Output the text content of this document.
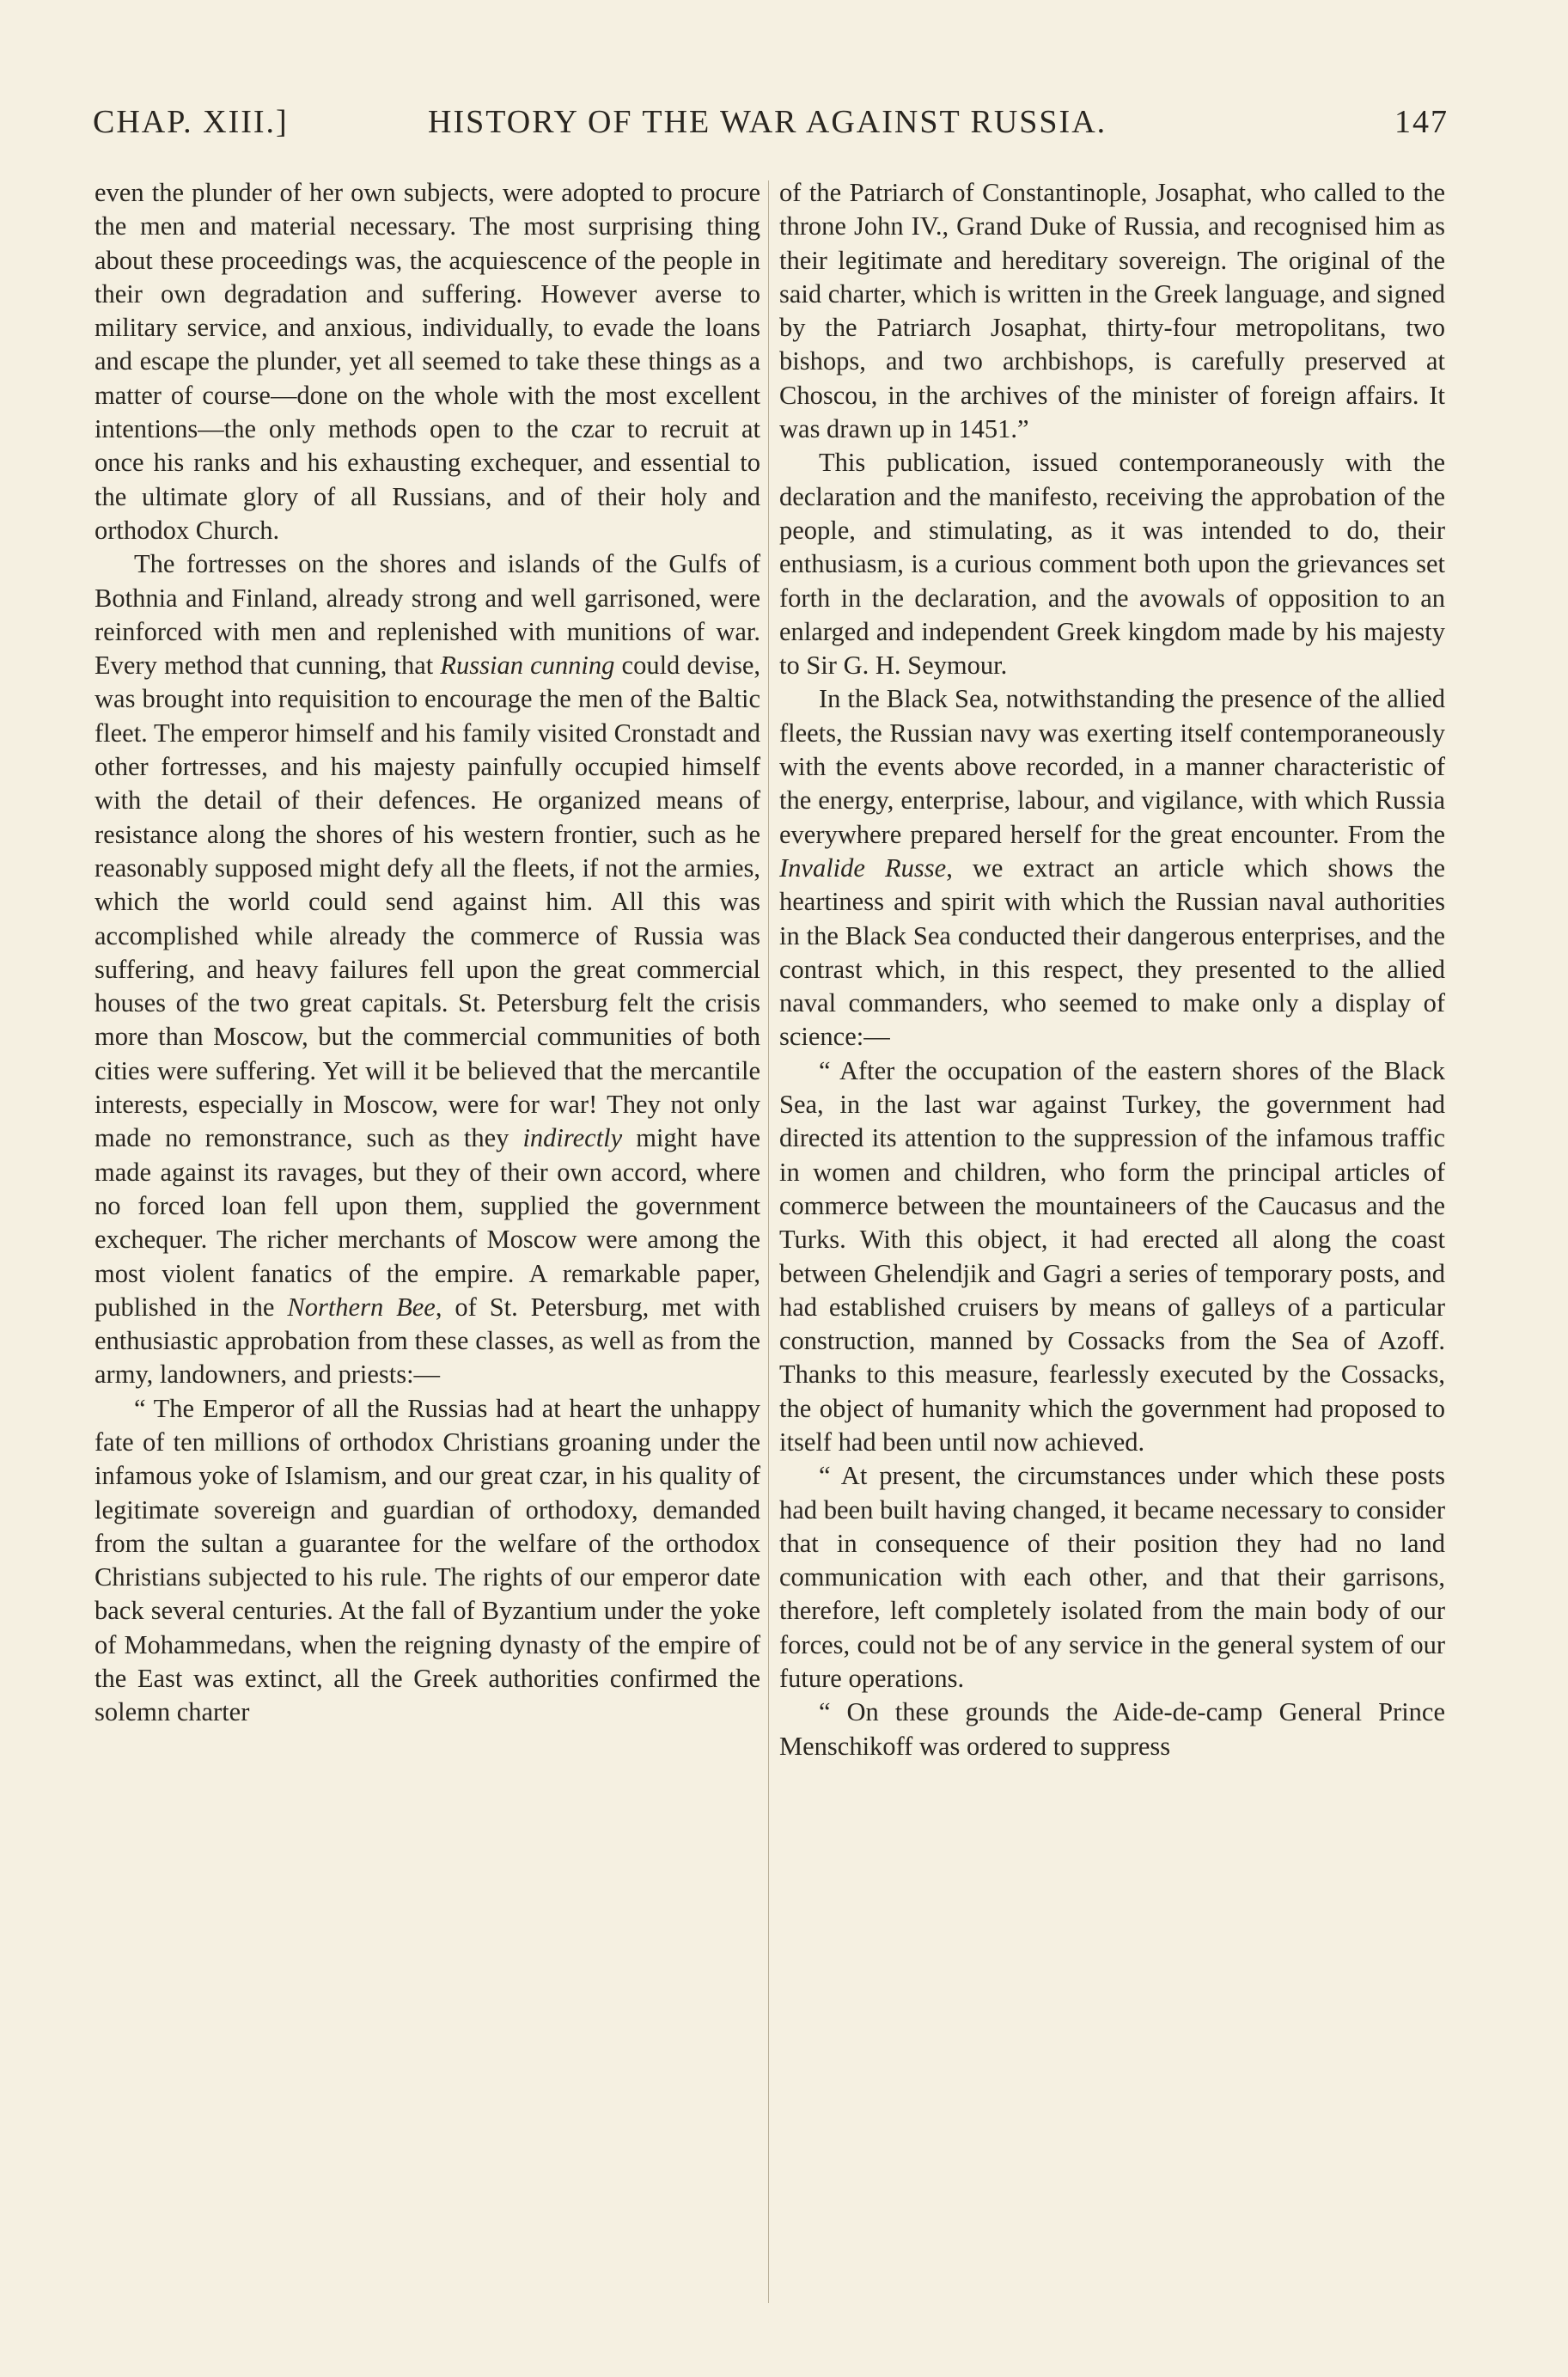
CHAP. XIII.]	HISTORY OF THE WAR AGAINST RUSSIA.	147

even the plunder of her own subjects, were adopted to procure the men and material necessary. The most surprising thing about these proceedings was, the acquiescence of the people in their own degradation and suffering. However averse to military service, and anxious, individually, to evade the loans and escape the plunder, yet all seemed to take these things as a matter of course—done on the whole with the most excellent intentions—the only methods open to the czar to recruit at once his ranks and his exhausting exchequer, and essential to the ultimate glory of all Russians, and of their holy and orthodox Church.

The fortresses on the shores and islands of the Gulfs of Bothnia and Finland, already strong and well garrisoned, were reinforced with men and replenished with munitions of war. Every method that cunning, that Russian cunning could devise, was brought into requisition to encourage the men of the Baltic fleet. The emperor himself and his family visited Cronstadt and other fortresses, and his majesty painfully occupied himself with the detail of their defences. He organized means of resistance along the shores of his western frontier, such as he reasonably supposed might defy all the fleets, if not the armies, which the world could send against him. All this was accomplished while already the commerce of Russia was suffering, and heavy failures fell upon the great commercial houses of the two great capitals. St. Petersburg felt the crisis more than Moscow, but the commercial communities of both cities were suffering. Yet will it be believed that the mercantile interests, especially in Moscow, were for war! They not only made no remonstrance, such as they indirectly might have made against its ravages, but they of their own accord, where no forced loan fell upon them, supplied the government exchequer. The richer merchants of Moscow were among the most violent fanatics of the empire. A remarkable paper, published in the Northern Bee, of St. Petersburg, met with enthusiastic approbation from these classes, as well as from the army, landowners, and priests:—

“ The Emperor of all the Russias had at heart the unhappy fate of ten millions of orthodox Christians groaning under the infamous yoke of Islamism, and our great czar, in his quality of legitimate sovereign and guardian of orthodoxy, demanded from the sultan a guarantee for the welfare of the orthodox Christians subjected to his rule. The rights of our emperor date back several centuries. At the fall of Byzantium under the yoke of Mohammedans, when the reigning dynasty of the empire of the East was extinct, all the Greek authorities confirmed the solemn charter

of the Patriarch of Constantinople, Josaphat, who called to the throne John IV., Grand Duke of Russia, and recognised him as their legitimate and hereditary sovereign. The original of the said charter, which is written in the Greek language, and signed by the Patriarch Josaphat, thirty-four metropolitans, two bishops, and two archbishops, is carefully preserved at Choscou, in the archives of the minister of foreign affairs. It was drawn up in 1451.”

This publication, issued contemporaneously with the declaration and the manifesto, receiving the approbation of the people, and stimulating, as it was intended to do, their enthusiasm, is a curious comment both upon the grievances set forth in the declaration, and the avowals of opposition to an enlarged and independent Greek kingdom made by his majesty to Sir G. H. Seymour.

In the Black Sea, notwithstanding the presence of the allied fleets, the Russian navy was exerting itself contemporaneously with the events above recorded, in a manner characteristic of the energy, enterprise, labour, and vigilance, with which Russia everywhere prepared herself for the great encounter. From the Invalide Russe, we extract an article which shows the heartiness and spirit with which the Russian naval authorities in the Black Sea conducted their dangerous enterprises, and the contrast which, in this respect, they presented to the allied naval commanders, who seemed to make only a display of science:—

“ After the occupation of the eastern shores of the Black Sea, in the last war against Turkey, the government had directed its attention to the suppression of the infamous traffic in women and children, who form the principal articles of commerce between the mountaineers of the Caucasus and the Turks. With this object, it had erected all along the coast between Ghelendjik and Gagri a series of temporary posts, and had established cruisers by means of galleys of a particular construction, manned by Cossacks from the Sea of Azoff. Thanks to this measure, fearlessly executed by the Cossacks, the object of humanity which the government had proposed to itself had been until now achieved.

“ At present, the circumstances under which these posts had been built having changed, it became necessary to consider that in consequence of their position they had no land communication with each other, and that their garrisons, therefore, left completely isolated from the main body of our forces, could not be of any service in the general system of our future operations.

“ On these grounds the Aide-de-camp General Prince Menschikoff was ordered to suppress
